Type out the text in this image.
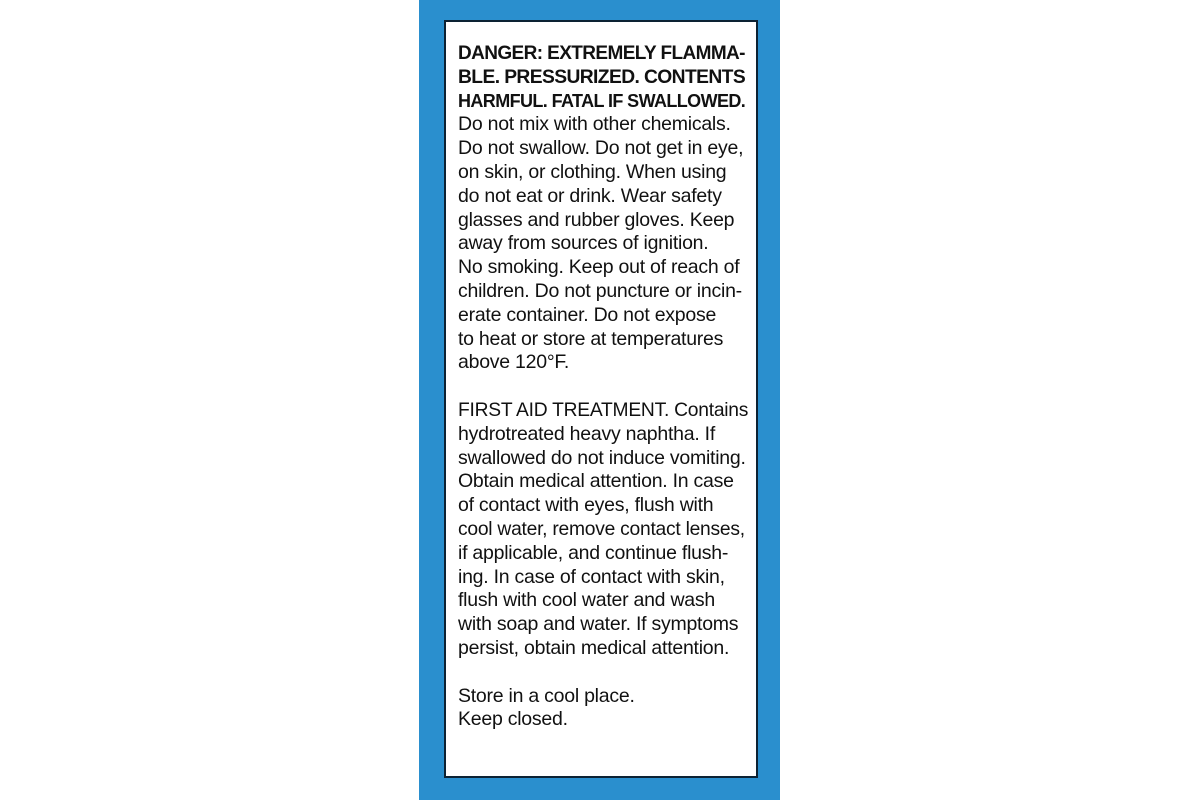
BRAV USA Inc., 60 B Newark St., Haverhill, MA 01832, USA. Tel. +1-800-343-8335.
DANGER: EXTREMELY FLAMMA-
BLE. PRESSURIZED. CONTENTS
HARMFUL. FATAL IF SWALLOWED.
Do not mix with other chemicals.
Do not swallow. Do not get in eye,
on skin, or clothing. When using
do not eat or drink. Wear safety
glasses and rubber gloves. Keep
away from sources of ignition.
No smoking. Keep out of reach of
children. Do not puncture or incin-
erate container. Do not expose
to heat or store at temperatures
above 120°F.
FIRST AID TREATMENT. Contains
hydrotreated heavy naphtha. If
swallowed do not induce vomiting.
Obtain medical attention. In case
of contact with eyes, flush with
cool water, remove contact lenses,
if applicable, and continue flush-
ing. In case of contact with skin,
flush with cool water and wash
with soap and water. If symptoms
persist, obtain medical attention.
Store in a cool place.
Keep closed.
